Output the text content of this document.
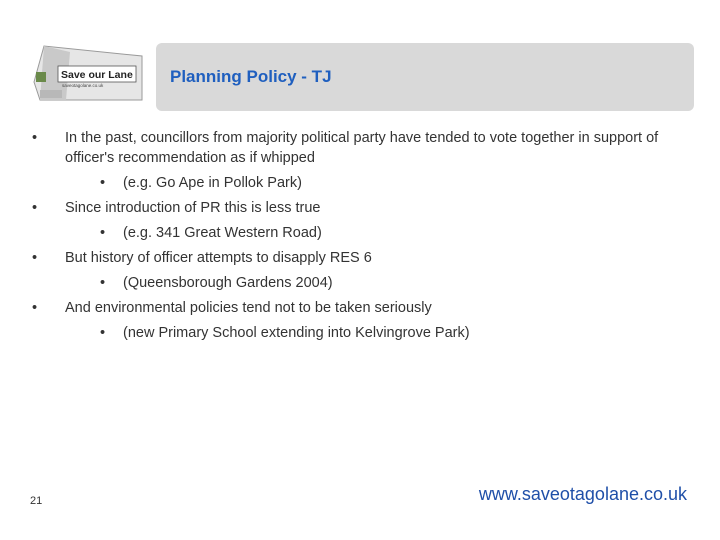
Save our Lane
saveotagolane.co.uk	Planning Policy - TJ
• In the past, councillors from majority political party have tended to vote together in support of officer's recommendation as if whipped
• (e.g. Go Ape in Pollok Park)
• Since introduction of PR this is less true
• (e.g. 341 Great Western Road)
• But history of officer attempts to disapply RES 6
• (Queensborough Gardens 2004)
• And environmental policies tend not to be taken seriously
• (new Primary School extending into Kelvingrove Park)
21	www.saveotagolane.co.uk
